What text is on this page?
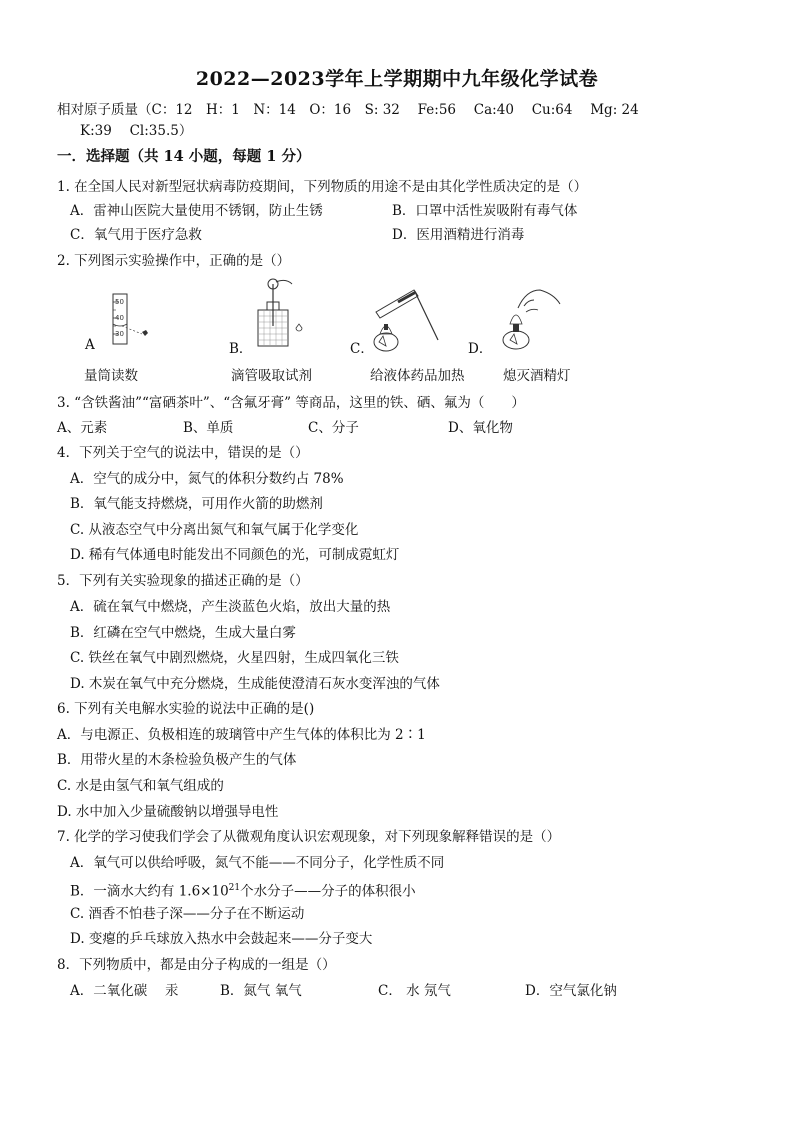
2022—2023学年上学期期中九年级化学试卷
相对原子质量（C：12　H：1　N：14　O：16　S: 32　 Fe:56　 Ca:40　 Cu:64　 Mg: 24
K:39　 Cl:35.5）
一．选择题（共 14 小题，每题 1 分）
1. 在全国人民对新型冠状病毒防疫期间，下列物质的用途不是由其化学性质决定的是（）
A．雷神山医院大量使用不锈钢，防止生锈	B．口罩中活性炭吸附有毒气体
C．氧气用于医疗急救	D．医用酒精进行消毒
2. 下列图示实验操作中，正确的是（）
50
40
30
A
量筒读数
B．
滴管吸取试剂
C．
给液体药品加热
D．
熄灭酒精灯
3. “含铁酱油”“富硒茶叶”、“含氟牙膏” 等商品，这里的铁、硒、氟为（　　）
A、元素	B、单质	C、分子	D、氧化物
4．下列关于空气的说法中，错误的是（）
A．空气的成分中，氮气的体积分数约占 78%
B．氧气能支持燃烧，可用作火箭的助燃剂
C. 从液态空气中分离出氮气和氧气属于化学变化
D. 稀有气体通电时能发出不同颜色的光，可制成霓虹灯
5．下列有关实验现象的描述正确的是（）
A．硫在氧气中燃烧，产生淡蓝色火焰，放出大量的热
B．红磷在空气中燃烧，生成大量白雾
C. 铁丝在氧气中剧烈燃烧，火星四射，生成四氧化三铁
D. 木炭在氧气中充分燃烧，生成能使澄清石灰水变浑浊的气体
6. 下列有关电解水实验的说法中正确的是()
A．与电源正、负极相连的玻璃管中产生气体的体积比为 2∶1
B．用带火星的木条检验负极产生的气体
C. 水是由氢气和氧气组成的
D. 水中加入少量硫酸钠以增强导电性
7. 化学的学习使我们学会了从微观角度认识宏观现象，对下列现象解释错误的是（）
A．氧气可以供给呼吸，氮气不能——不同分子，化学性质不同
B．一滴水大约有 $1.6\times 10^{21}$个水分子——分子的体积很小
C. 酒香不怕巷子深——分子在不断运动
D. 变瘪的乒乓球放入热水中会鼓起来——分子变大
8．下列物质中，都是由分子构成的一组是（）
A．二氧化碳　 汞	B．氮气 氧气	C． 水 氖气	D．空气氯化钠
